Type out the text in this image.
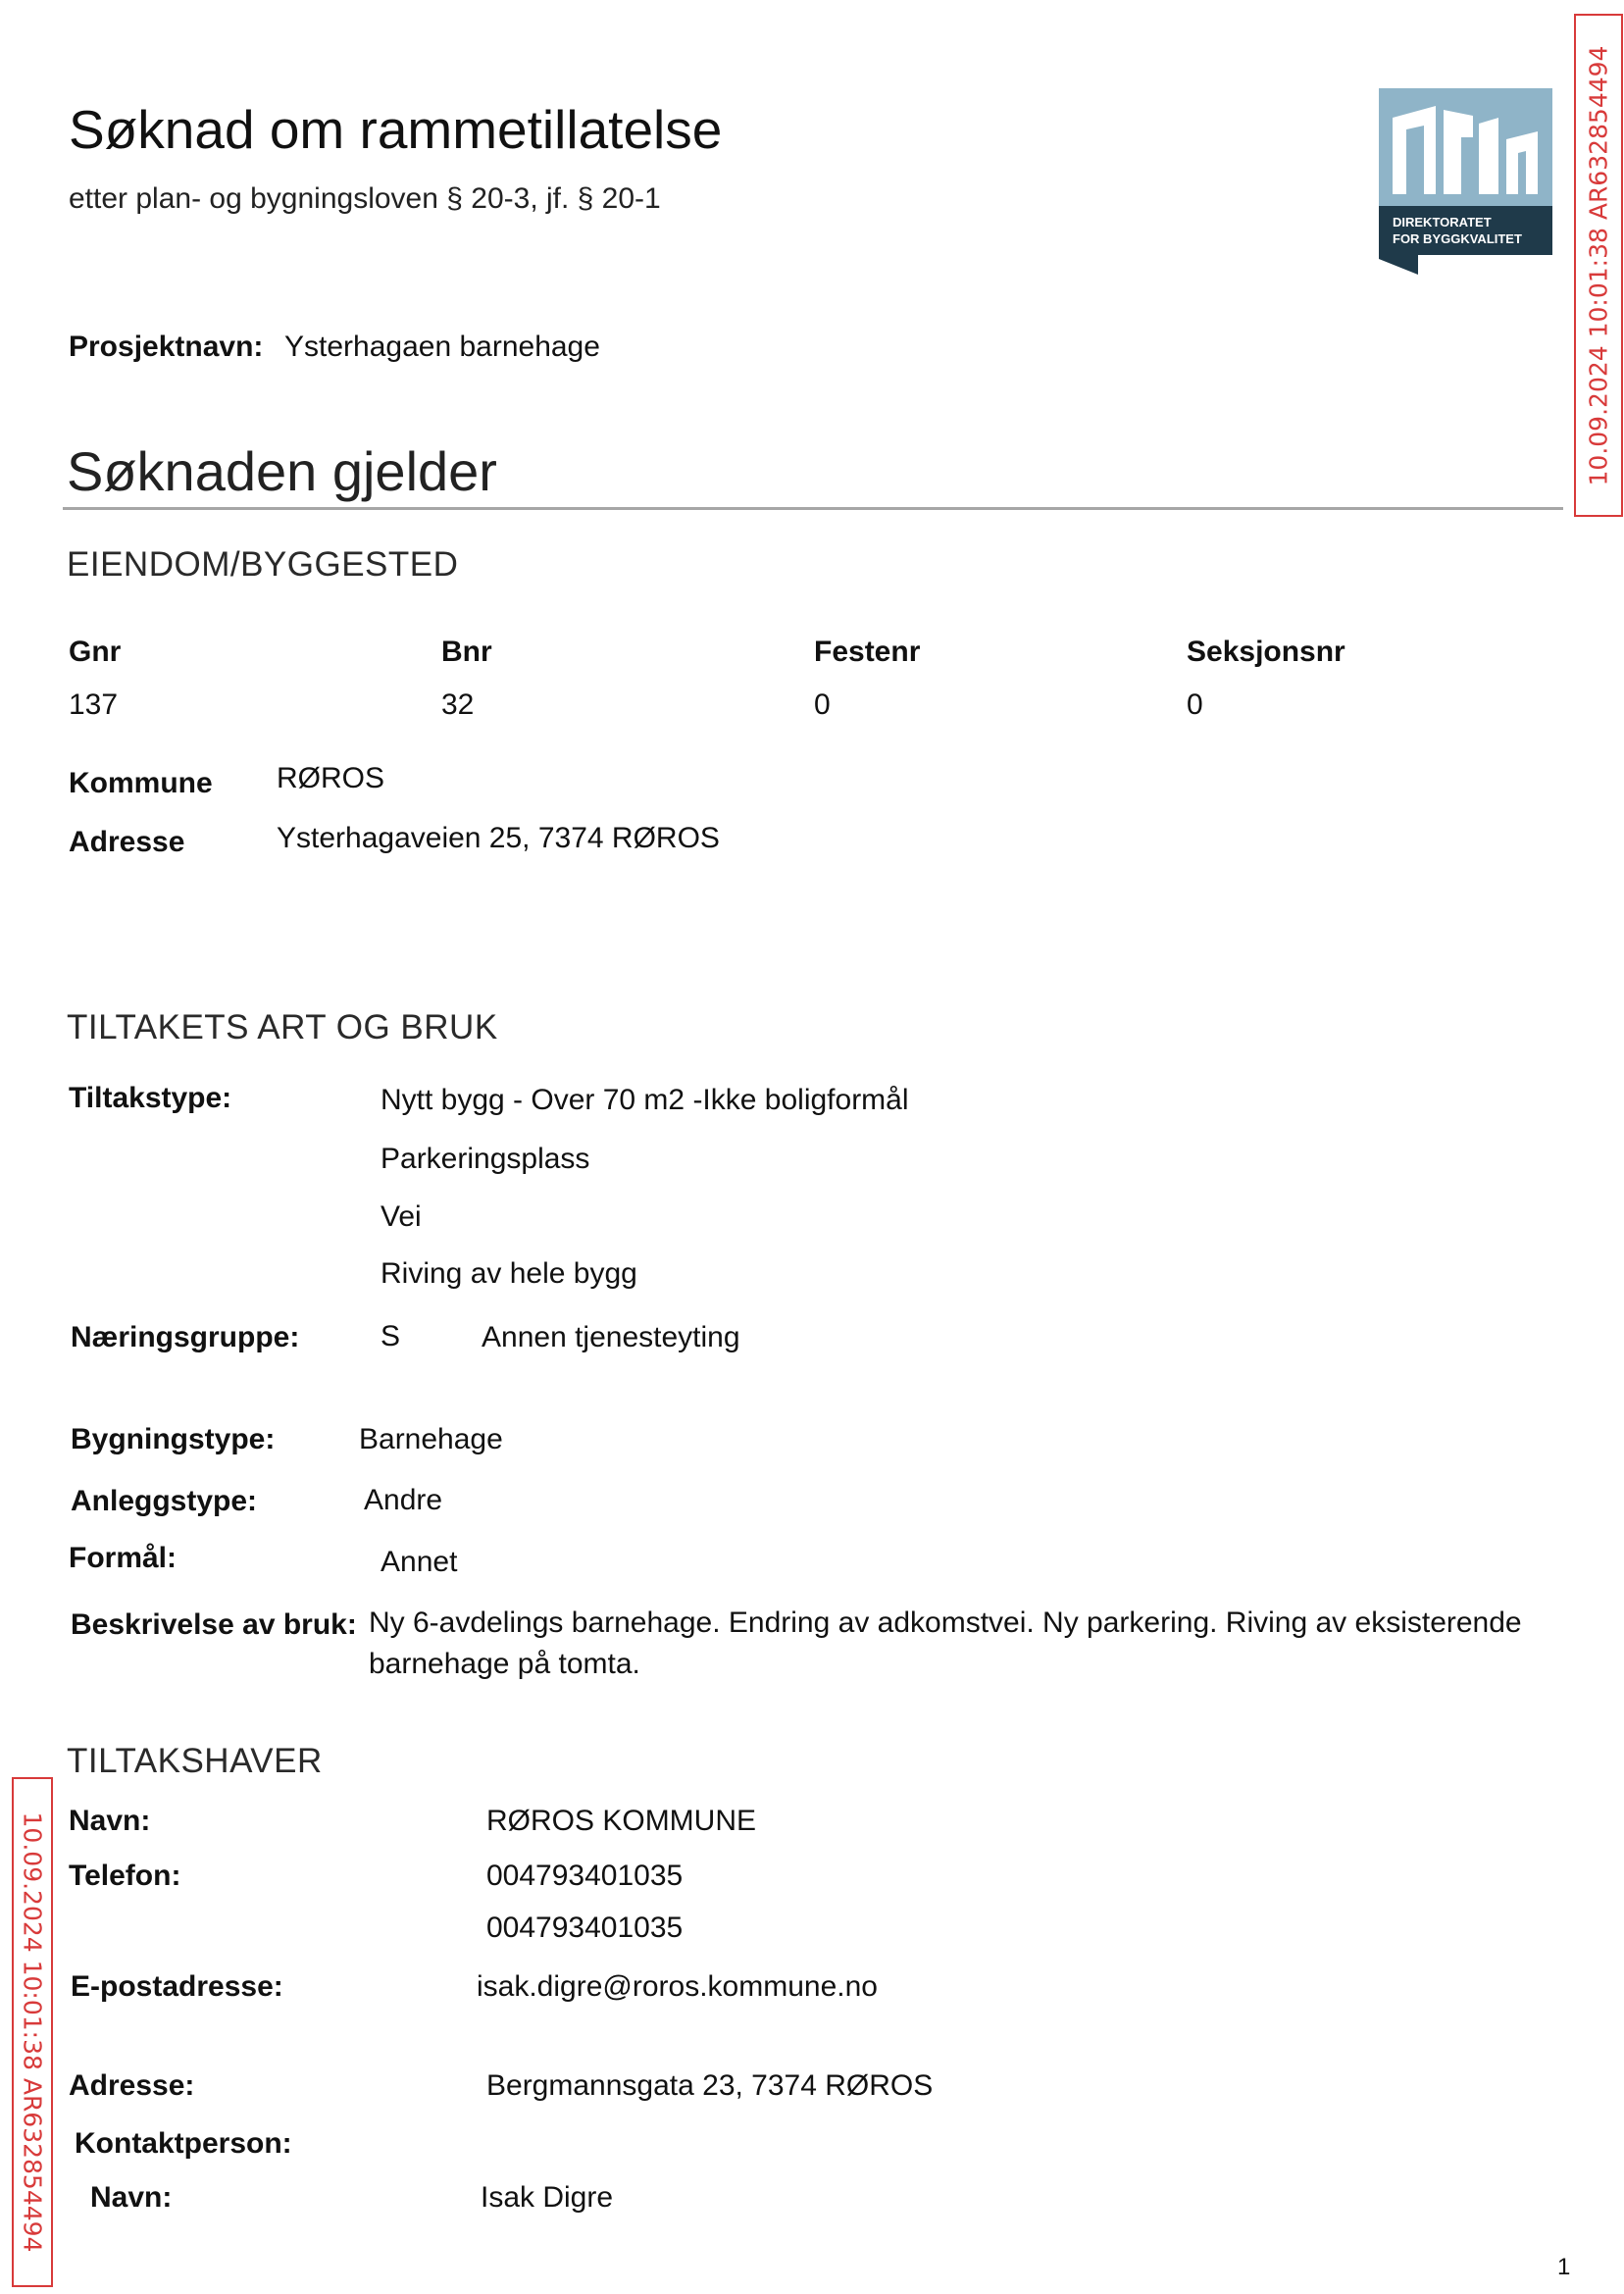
Søknad om rammetillatelse
etter plan- og bygningsloven § 20-3, jf. § 20-1
DIREKTORATET
FOR BYGGKVALITET	10.09.2024 10:01:38 AR632854494
10.09.2024 10:01:38 AR632854494
Prosjektnavn: Ysterhagaen barnehage
Søknaden gjelder
EIENDOM/BYGGESTED
Gnr	Bnr	Festenr	Seksjonsnr
137	32	0	0
Kommune RØROS
Adresse	Ysterhagaveien 25, 7374 RØROS
TILTAKETS ART OG BRUK
Tiltakstype:	Nytt bygg - Over 70 m2 -Ikke boligformål
Parkeringsplass
Vei
Riving av hele bygg
Næringsgruppe:	S	Annen tjenesteyting
Bygningstype:	Barnehage
Anleggstype:	Andre
Formål:	Annet
Beskrivelse av bruk: Ny 6-avdelings barnehage. Endring av adkomstvei. Ny parkering. Riving av eksisterende barnehage på tomta.
TILTAKSHAVER
Navn:	RØROS KOMMUNE
Telefon:	004793401035
004793401035
E-postadresse:	isak.digre@roros.kommune.no
Adresse:	Bergmannsgata 23, 7374 RØROS
Kontaktperson:
Navn:	Isak Digre
1
